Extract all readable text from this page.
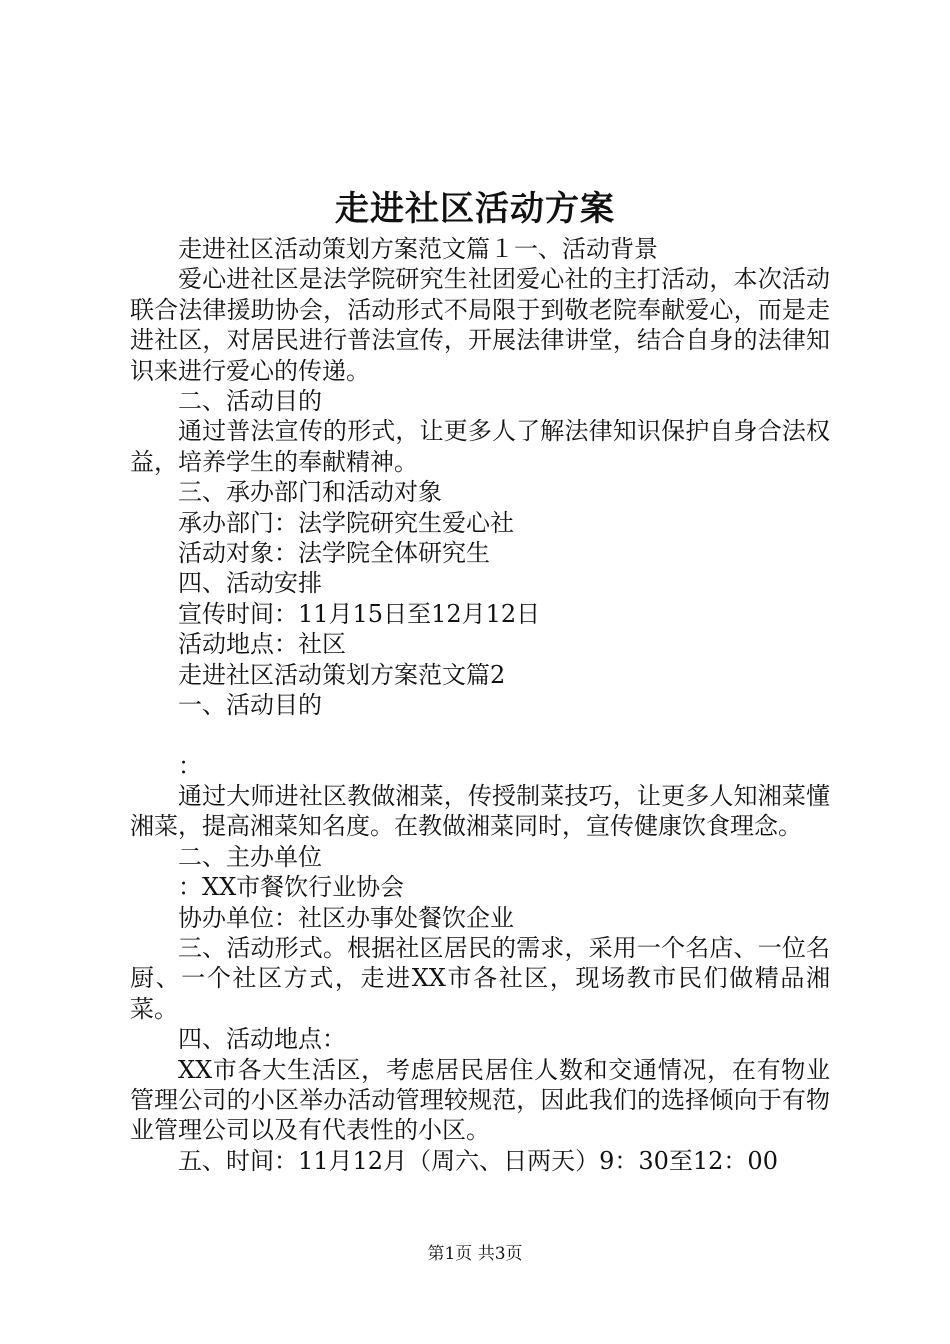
走进社区活动方案

走进社区活动策划方案范文篇１一、活动背景

爱心进社区是法学院研究生社团爱心社的主打活动，本次活动联合法律援助协会，活动形式不局限于到敬老院奉献爱心，而是走进社区，对居民进行普法宣传，开展法律讲堂，结合自身的法律知识来进行爱心的传递。

二、活动目的

通过普法宣传的形式，让更多人了解法律知识保护自身合法权益，培养学生的奉献精神。

三、承办部门和活动对象

承办部门：法学院研究生爱心社

活动对象：法学院全体研究生

四、活动安排

宣传时间：11月15日至12月12日

活动地点：社区

走进社区活动策划方案范文篇2

一、活动目的

：

通过大师进社区教做湘菜，传授制菜技巧，让更多人知湘菜懂湘菜，提高湘菜知名度。在教做湘菜同时，宣传健康饮食理念。

二、主办单位

：XX市餐饮行业协会

协办单位：社区办事处餐饮企业

三、活动形式。根据社区居民的需求，采用一个名店、一位名厨、一个社区方式，走进XX市各社区，现场教市民们做精品湘菜。

四、活动地点：

XX市各大生活区，考虑居民居住人数和交通情况，在有物业管理公司的小区举办活动管理较规范，因此我们的选择倾向于有物业管理公司以及有代表性的小区。

五、时间：11月12月（周六、日两天）9：30至12：00

第1页 共3页
